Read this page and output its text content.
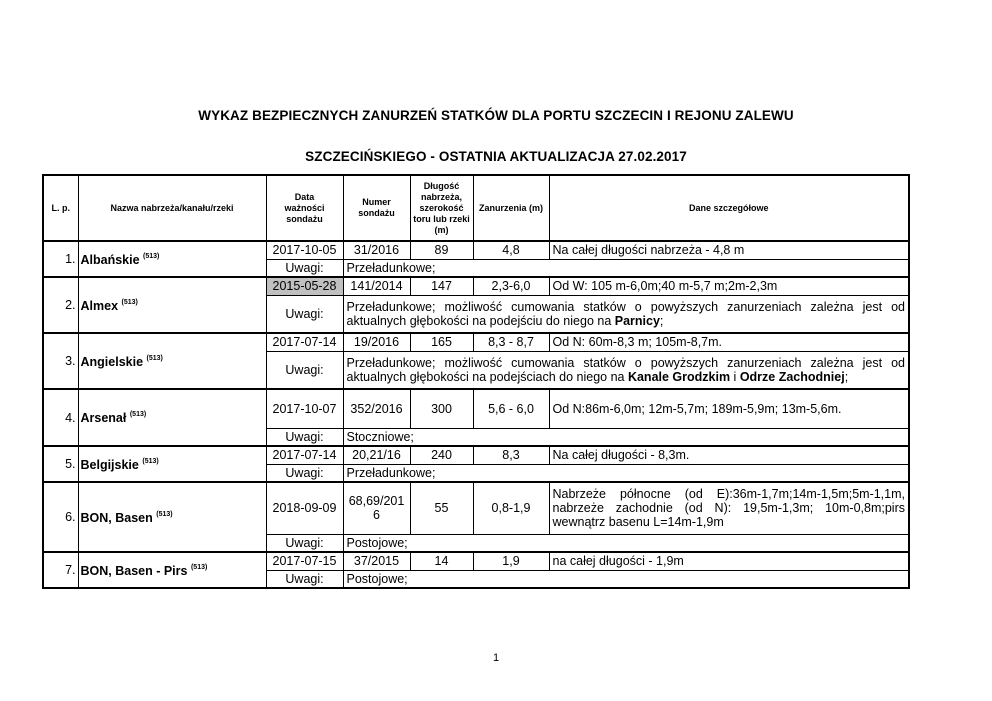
WYKAZ BEZPIECZNYCH ZANURZEŃ STATKÓW DLA PORTU SZCZECIN I REJONU ZALEWU
SZCZECIŃSKIEGO - OSTATNIA AKTUALIZACJA 27.02.2017
L. p.	Nazwa nabrzeża/kanału/rzeki	Data ważności sondażu	Numer sondażu	Długość nabrzeża, szerokość toru lub rzeki (m)	Zanurzenia (m)	Dane szczegółowe
1.	Albańskie $^{(513)}$	2017-10-05	31/2016	89	4,8	Na całej długości nabrzeża - 4,8 m
		Uwagi:	Przeładunkowe;			
2.	Almex $^{(513)}$	2015-05-28	141/2014	147	2,3-6,0	Od W: 105 m-6,0m;40 m-5,7 m;2m-2,3m
		Uwagi:	Przeładunkowe; możliwość cumowania statków o powyższych zanurzeniach zależna jest od aktualnych głębokości na podejściu do niego na Parnicy;			
3.	Angielskie $^{(513)}$	2017-07-14	19/2016	165	8,3 - 8,7	Od N: 60m-8,3 m; 105m-8,7m.
		Uwagi:	Przeładunkowe; możliwość cumowania statków o powyższych zanurzeniach zależna jest od aktualnych głębokości na podejściach do niego na Kanale Grodzkim i Odrze Zachodniej;			
4.	Arsenał $^{(513)}$	2017-10-07	352/2016	300	5,6 - 6,0	Od N:86m-6,0m; 12m-5,7m; 189m-5,9m; 13m-5,6m.
		Uwagi:	Stoczniowe;			
5.	Belgijskie $^{(513)}$	2017-07-14	20,21/16	240	8,3	Na całej długości - 8,3m.
		Uwagi:	Przeładunkowe;			
6.	BON, Basen $^{(513)}$	2018-09-09	68,69/2016	55	0,8-1,9	Nabrzeże północne (od E):36m-1,7m;14m-1,5m;5m-1,1m, nabrzeże zachodnie (od N): 19,5m-1,3m; 10m-0,8m;pirs wewnątrz basenu L=14m-1,9m
		Uwagi:	Postojowe;			
7.	BON, Basen - Pirs $^{(513)}$	2017-07-15	37/2015	14	1,9	na całej długości - 1,9m
		Uwagi:	Postojowe;			
1
